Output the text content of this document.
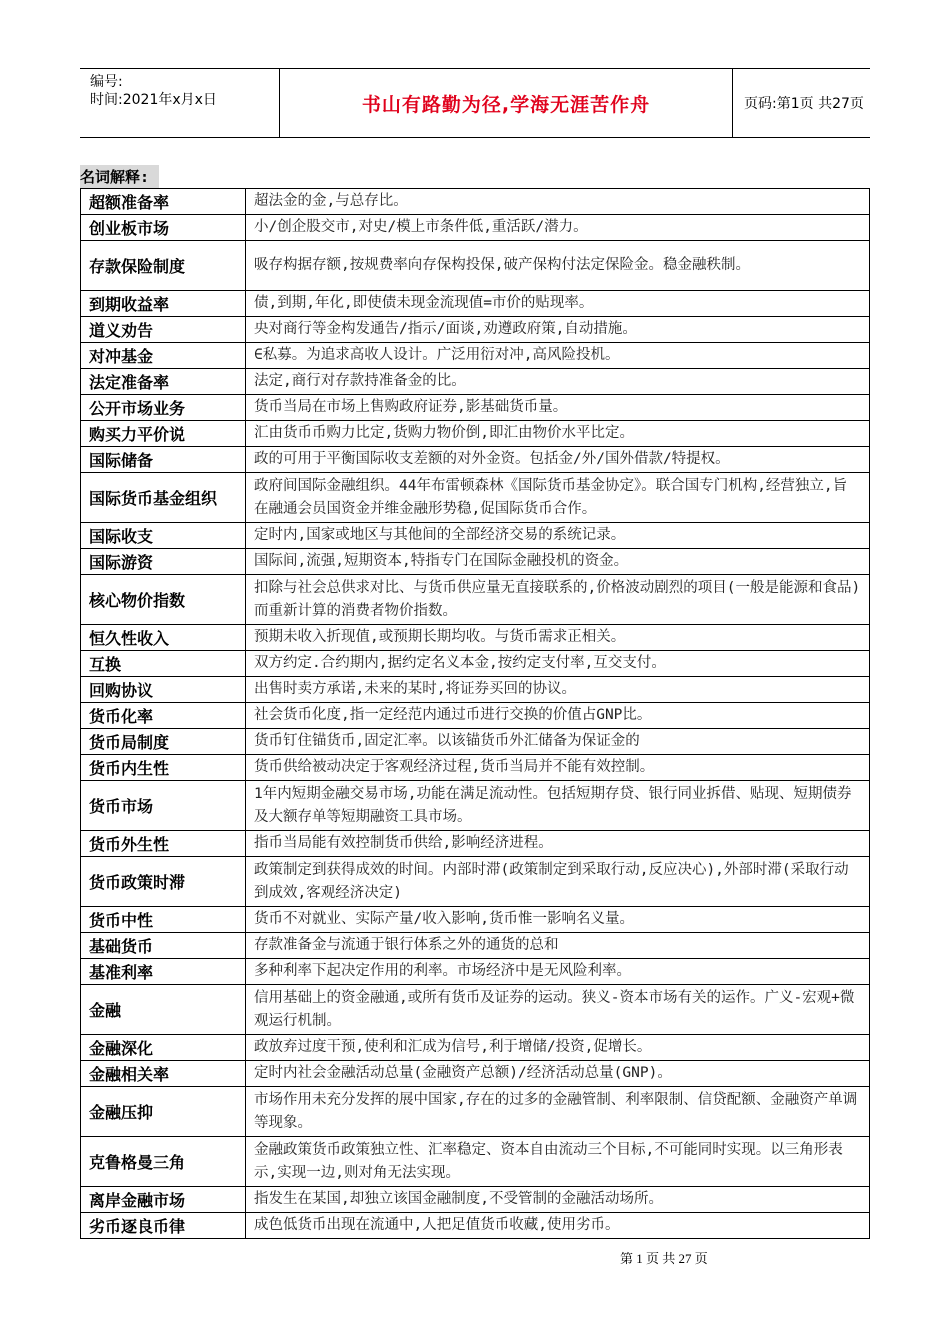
编号:
时间:2021年x月x日	书山有路勤为径,学海无涯苦作舟	页码:第1页 共27页
名词解释:
超额准备率	超法金的金,与总存比。
创业板市场	小/创企股交市,对史/模上市条件低,重活跃/潜力。
存款保险制度	吸存构据存额,按规费率向存保构投保,破产保构付法定保险金。稳金融秩制。
到期收益率	债,到期,年化,即使债未现金流现值=市价的贴现率。
道义劝告	央对商行等金构发通告/指示/面谈,劝遵政府策,自动措施。
对冲基金	∈私募。为追求高收人设计。广泛用衍对冲,高风险投机。
法定准备率	法定,商行对存款持准备金的比。
公开市场业务	货币当局在市场上售购政府证券,影基础货币量。
购买力平价说	汇由货币币购力比定,货购力物价倒,即汇由物价水平比定。
国际储备	政的可用于平衡国际收支差额的对外金资。包括金/外/国外借款/特提权。
国际货币基金组织	政府间国际金融组织。44年布雷顿森林《国际货币基金协定》。联合国专门机构,经营独立,旨在融通会员国资金并维金融形势稳,促国际货币合作。
国际收支	定时内,国家或地区与其他间的全部经济交易的系统记录。
国际游资	国际间,流强,短期资本,特指专门在国际金融投机的资金。
核心物价指数	扣除与社会总供求对比、与货币供应量无直接联系的,价格波动剧烈的项目(一般是能源和食品)而重新计算的消费者物价指数。
恒久性收入	预期未收入折现值,或预期长期均收。与货币需求正相关。
互换	双方约定.合约期内,据约定名义本金,按约定支付率,互交支付。
回购协议	出售时卖方承诺,未来的某时,将证券买回的协议。
货币化率	社会货币化度,指一定经范内通过币进行交换的价值占GNP比。
货币局制度	货币钉住锚货币,固定汇率。以该锚货币外汇储备为保证金的
货币内生性	货币供给被动决定于客观经济过程,货币当局并不能有效控制。
货币市场	1年内短期金融交易市场,功能在满足流动性。包括短期存贷、银行同业拆借、贴现、短期债券及大额存单等短期融资工具市场。
货币外生性	指币当局能有效控制货币供给,影响经济进程。
货币政策时滞	政策制定到获得成效的时间。内部时滞(政策制定到采取行动,反应决心),外部时滞(采取行动到成效,客观经济决定)
货币中性	货币不对就业、实际产量/收入影响,货币惟一影响名义量。
基础货币	存款准备金与流通于银行体系之外的通货的总和
基准利率	多种利率下起决定作用的利率。市场经济中是无风险利率。
金融	信用基础上的资金融通,或所有货币及证券的运动。狭义-资本市场有关的运作。广义-宏观+微观运行机制。
金融深化	政放弃过度干预,使利和汇成为信号,利于增储/投资,促增长。
金融相关率	定时内社会金融活动总量(金融资产总额)/经济活动总量(GNP)。
金融压抑	市场作用未充分发挥的展中国家,存在的过多的金融管制、利率限制、信贷配额、金融资产单调等现象。
克鲁格曼三角	金融政策货币政策独立性、汇率稳定、资本自由流动三个目标,不可能同时实现。以三角形表示,实现一边,则对角无法实现。
离岸金融市场	指发生在某国,却独立该国金融制度,不受管制的金融活动场所。
劣币逐良币律	成色低货币出现在流通中,人把足值货币收藏,使用劣币。
第 1 页 共 27 页
